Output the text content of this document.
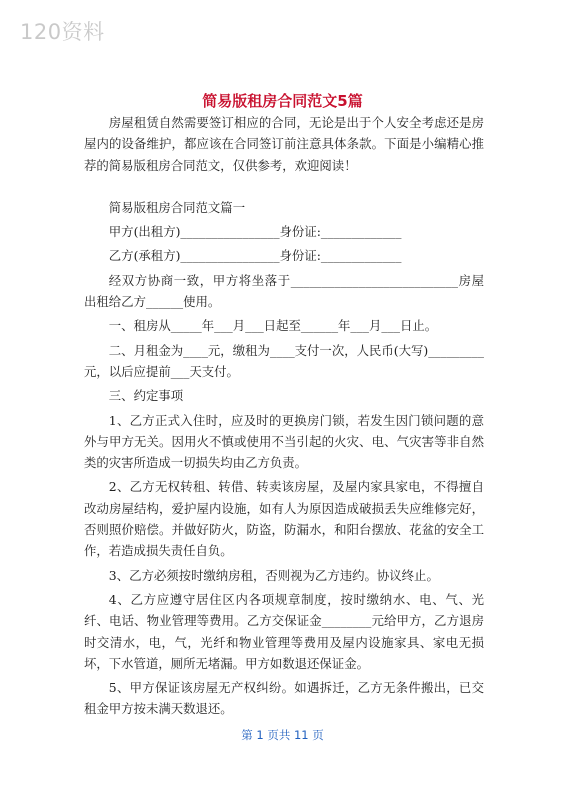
120资料
简易版租房合同范文5篇

房屋租赁自然需要签订相应的合同，无论是出于个人安全考虑还是房屋内的设备维护，都应该在合同签订前注意具体条款。下面是小编精心推荐的简易版租房合同范文，仅供参考，欢迎阅读！

简易版租房合同范文篇一

甲方(出租方)________________身份证:_____________

乙方(承租方)________________身份证:_____________

经双方协商一致，甲方将坐落于___________________________房屋出租给乙方______使用。

一、租房从_____年___月___日起至______年___月___日止。

二、月租金为____元，缴租为____支付一次，人民币(大写)_________元，以后应提前___天支付。

三、约定事项

1、乙方正式入住时，应及时的更换房门锁，若发生因门锁问题的意外与甲方无关。因用火不慎或使用不当引起的火灾、电、气灾害等非自然类的灾害所造成一切损失均由乙方负责。

2、乙方无权转租、转借、转卖该房屋，及屋内家具家电，不得擅自改动房屋结构，爱护屋内设施，如有人为原因造成破损丢失应维修完好，否则照价赔偿。并做好防火，防盗，防漏水，和阳台摆放、花盆的安全工作，若造成损失责任自负。

3、乙方必须按时缴纳房租，否则视为乙方违约。协议终止。

4、乙方应遵守居住区内各项规章制度，按时缴纳水、电、气、光纤、电话、物业管理等费用。乙方交保证金________元给甲方，乙方退房时交清水，电，气，光纤和物业管理等费用及屋内设施家具、家电无损坏，下水管道，厕所无堵漏。甲方如数退还保证金。

5、甲方保证该房屋无产权纠纷。如遇拆迁，乙方无条件搬出，已交租金甲方按未满天数退还。

第 1 页共 11 页
